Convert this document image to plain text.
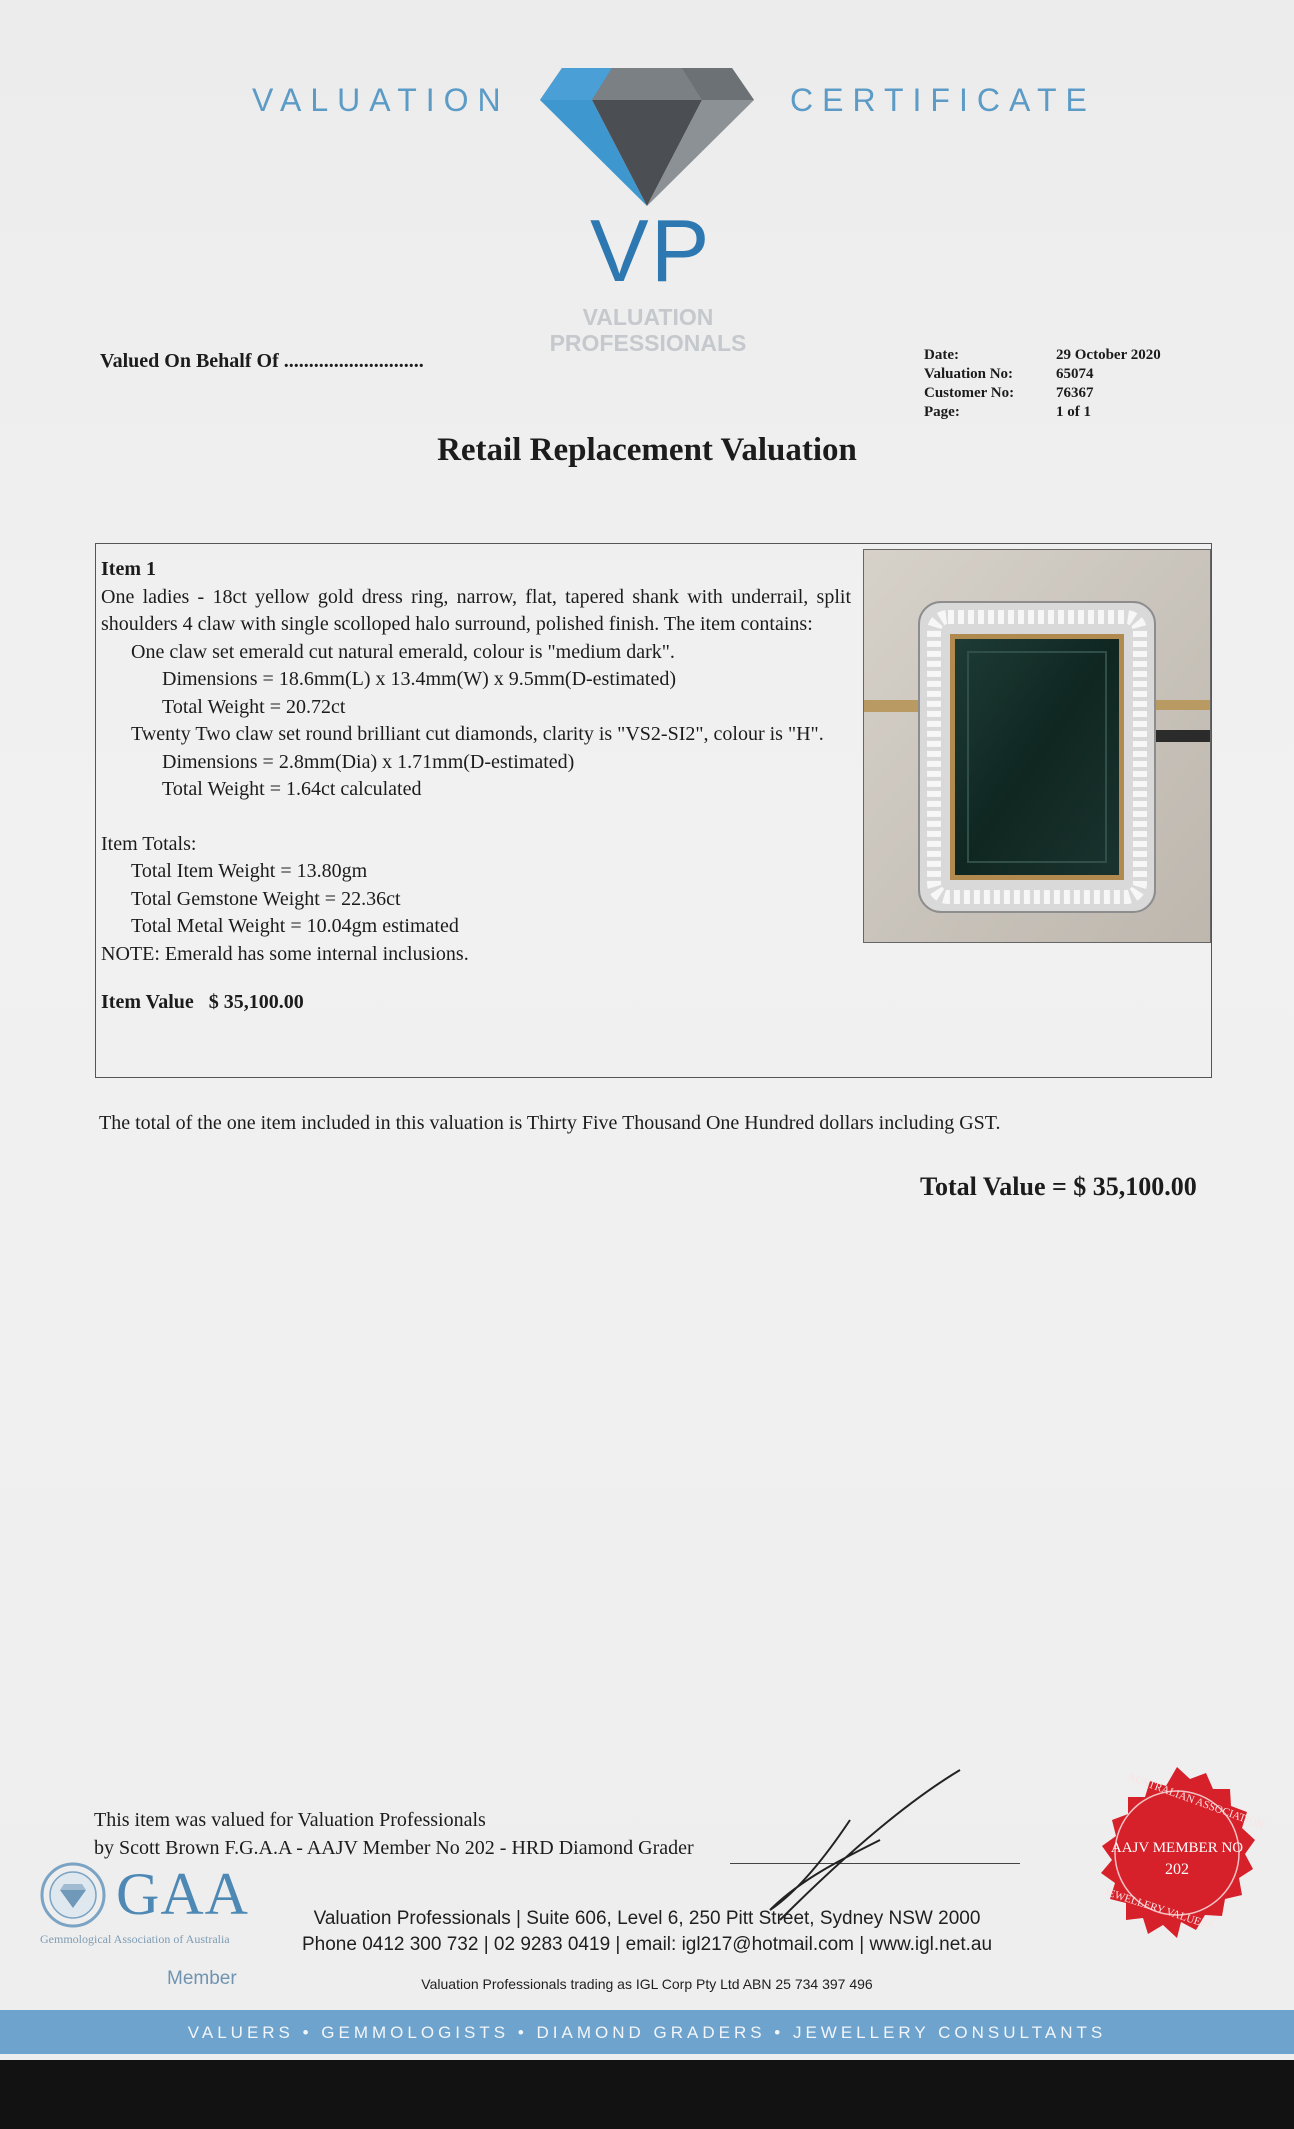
VALUATION	CERTIFICATE
VP
VALUATION
PROFESSIONALS
Valued On Behalf Of ............................	Date:	29 October 2020
Valuation No:	65074
Customer No:	76367
Page:	1 of 1
Retail Replacement Valuation
Item 1
One ladies - 18ct yellow gold dress ring, narrow, flat, tapered shank with underrail, split shoulders 4 claw with single scolloped halo surround, polished finish. The item contains:
One claw set emerald cut natural emerald, colour is "medium dark".
Dimensions = 18.6mm(L) x 13.4mm(W) x 9.5mm(D-estimated)
Total Weight = 20.72ct
Twenty Two claw set round brilliant cut diamonds, clarity is "VS2-SI2", colour is "H".
Dimensions = 2.8mm(Dia) x 1.71mm(D-estimated)
Total Weight = 1.64ct calculated
Item Totals:
Total Item Weight = 13.80gm
Total Gemstone Weight = 22.36ct
Total Metal Weight = 10.04gm estimated
NOTE: Emerald has some internal inclusions.
Item Value $ 35,100.00
The total of the one item included in this valuation is Thirty Five Thousand One Hundred dollars including GST.
Total Value = $ 35,100.00
This item was valued for Valuation Professionals
by Scott Brown F.G.A.A - AAJV Member No 202 - HRD Diamond Grader
GAA
Gemmological Association of Australia
Member
Valuation Professionals | Suite 606, Level 6, 250 Pitt Street, Sydney NSW 2000
Phone 0412 300 732 | 02 9283 0419 | email: igl217@hotmail.com | www.igl.net.au
Valuation Professionals trading as IGL Corp Pty Ltd ABN 25 734 397 496
AUSTRALIAN ASSOCIATION
JEWELLERY VALUERS
AAJV MEMBER NO
202
VALUERS • GEMMOLOGISTS • DIAMOND GRADERS • JEWELLERY CONSULTANTS
